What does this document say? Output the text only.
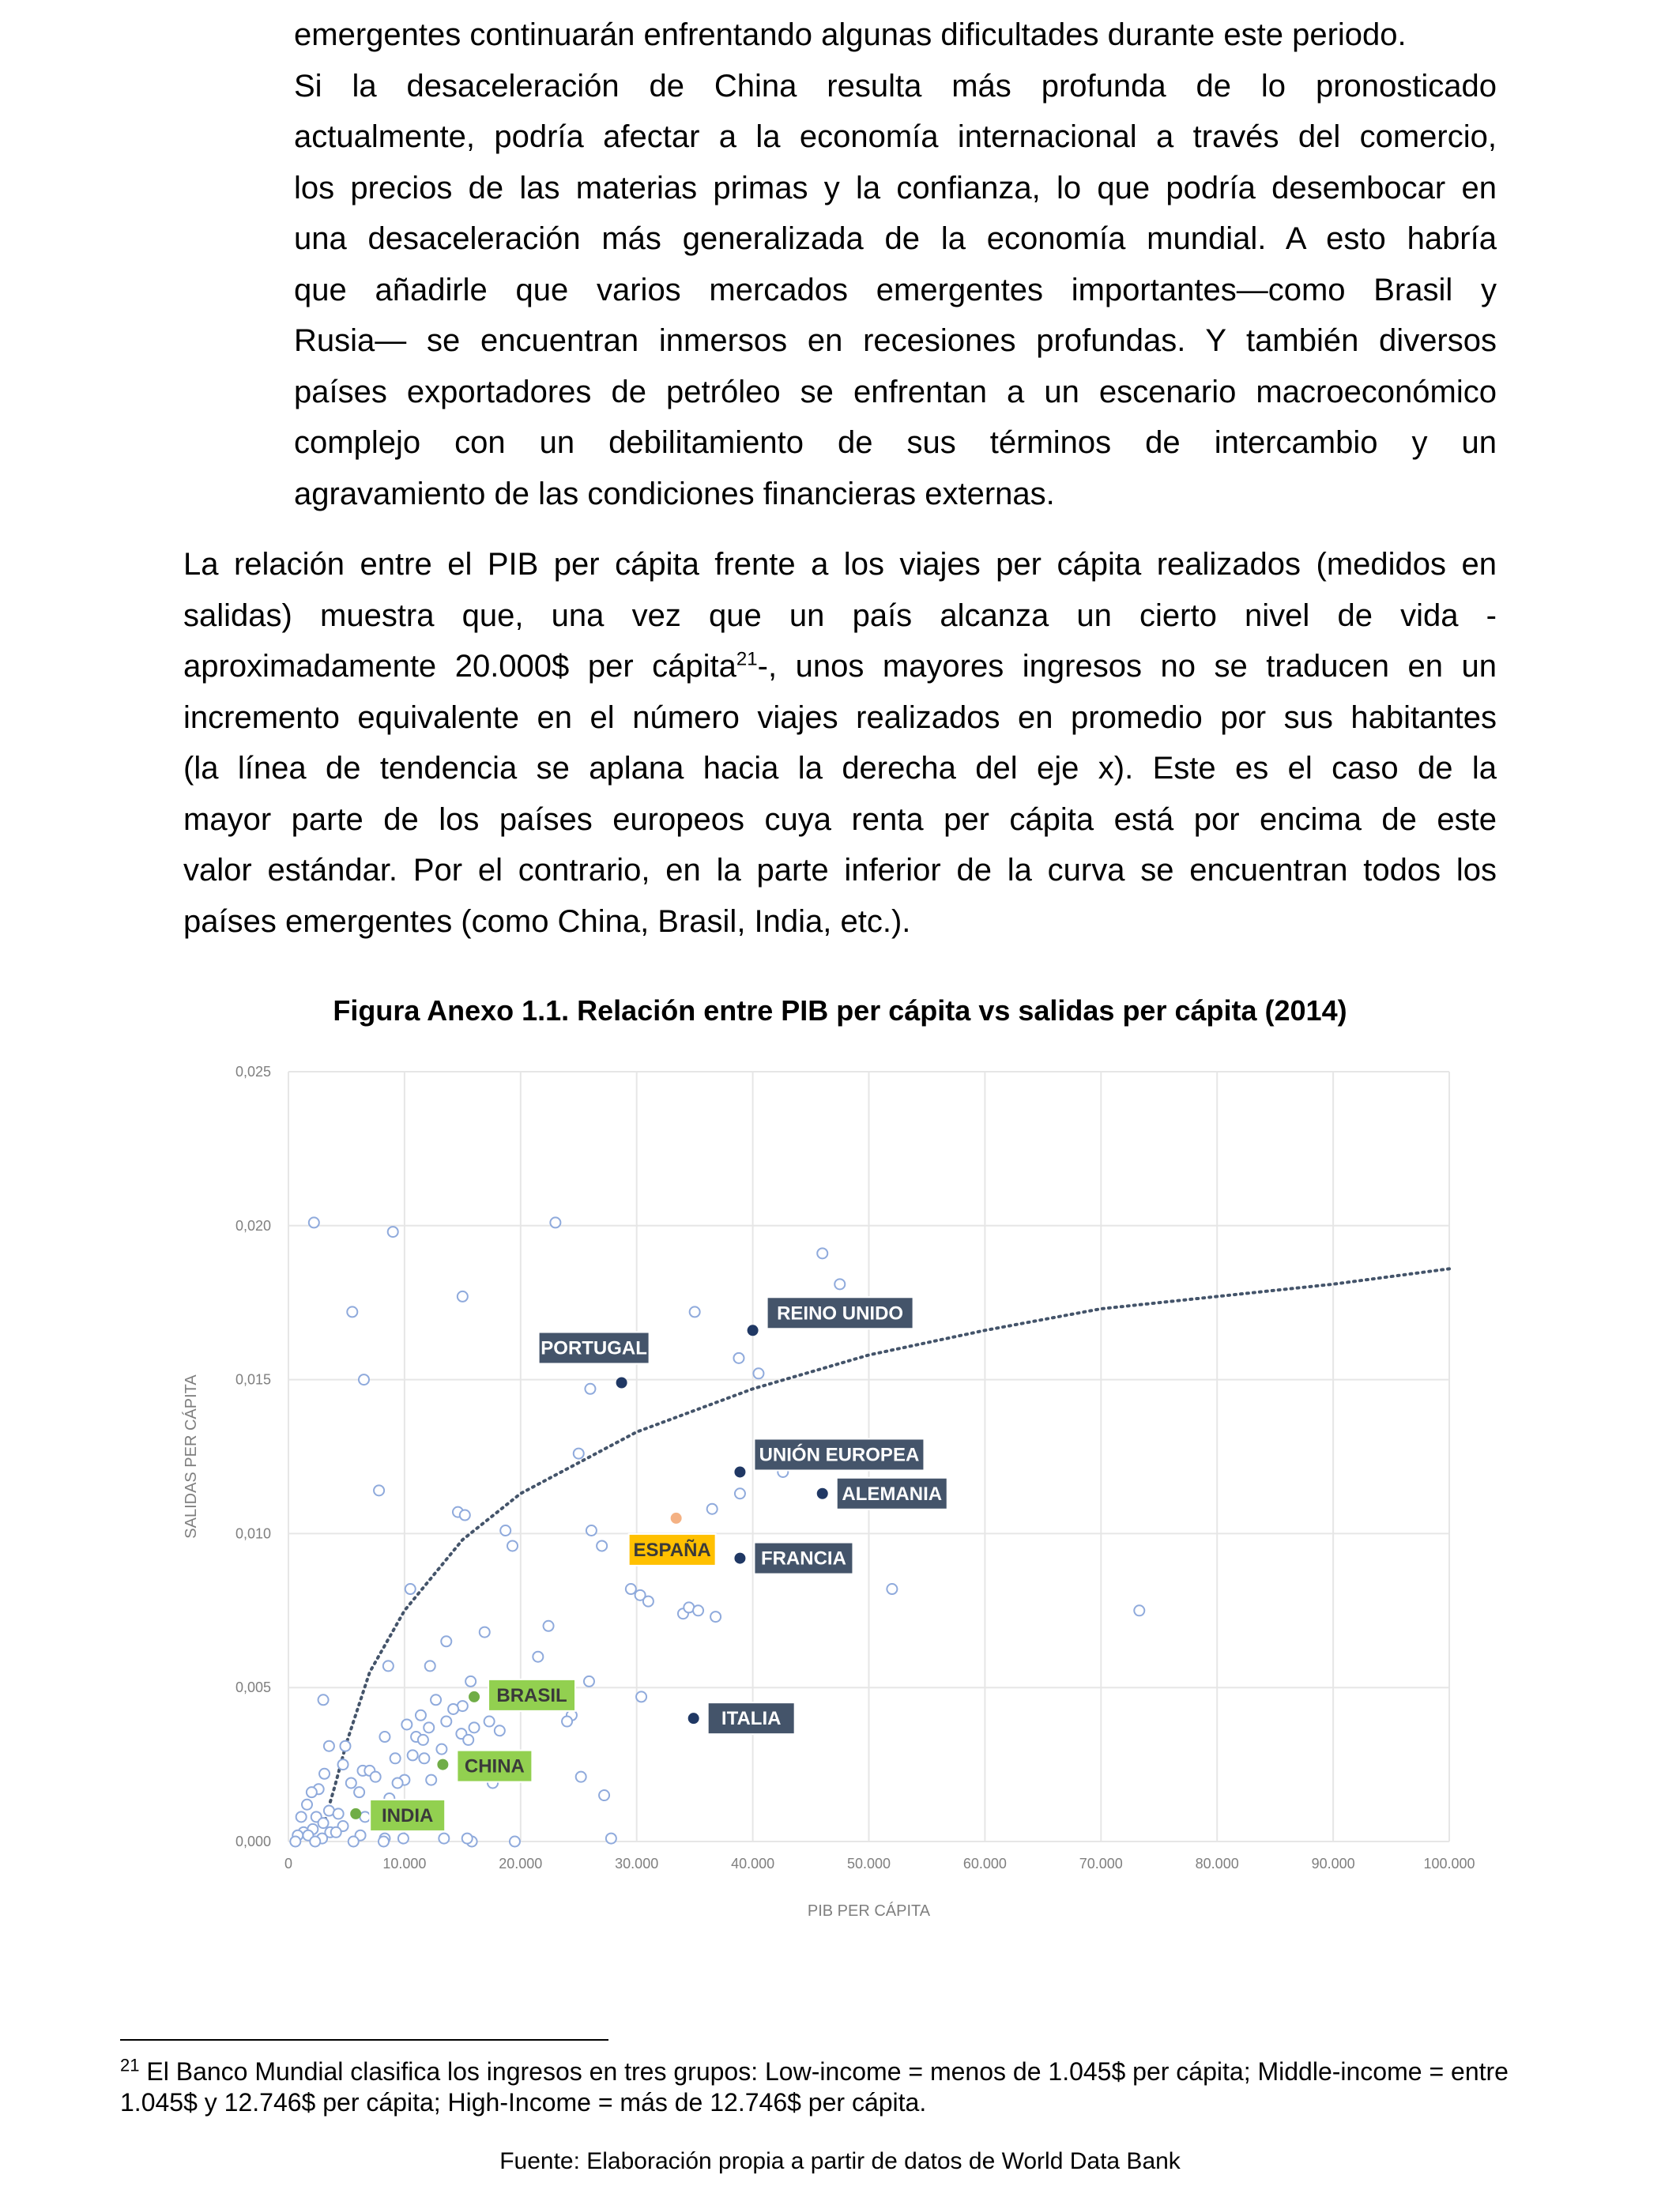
emergentes continuarán enfrentando algunas dificultades durante este periodo.
Si la desaceleración de China resulta más profunda de lo pronosticado
actualmente, podría afectar a la economía internacional a través del comercio,
los precios de las materias primas y la confianza, lo que podría desembocar en
una desaceleración más generalizada de la economía mundial. A esto habría
que añadirle que varios mercados emergentes importantes—como Brasil y
Rusia— se encuentran inmersos en recesiones profundas. Y también diversos
países exportadores de petróleo se enfrentan a un escenario macroeconómico
complejo con un debilitamiento de sus términos de intercambio y un
agravamiento de las condiciones financieras externas.

La relación entre el PIB per cápita frente a los viajes per cápita realizados (medidos en
salidas) muestra que, una vez que un país alcanza un cierto nivel de vida -
aproximadamente 20.000$ per cápita$^{21}$-, unos mayores ingresos no se traducen en un
incremento equivalente en el número viajes realizados en promedio por sus habitantes
(la línea de tendencia se aplana hacia la derecha del eje x). Este es el caso de la
mayor parte de los países europeos cuya renta per cápita está por encima de este
valor estándar. Por el contrario, en la parte inferior de la curva se encuentran todos los
países emergentes (como China, Brasil, India, etc.).

Figura Anexo 1.1. Relación entre PIB per cápita vs salidas per cápita (2014)
0	10.000	20.000	30.000	40.000	50.000	60.000	70.000	80.000	90.000	100.000
0,000
0,005
0,010
0,015
0,020
0,025
PIB PER CÁPITA
SALIDAS PER CÁPITA
REINO UNIDO
PORTUGAL
UNIÓN EUROPEA
ALEMANIA
ESPAÑA	FRANCIA
ITALIA
BRASIL
CHINA
INDIA

$^{21}$ El Banco Mundial clasifica los ingresos en tres grupos: Low-income = menos de 1.045$ per cápita; Middle-income = entre 1.045$ y 12.746$ per cápita; High-Income = más de 12.746$ per cápita.

Fuente: Elaboración propia a partir de datos de World Data Bank
